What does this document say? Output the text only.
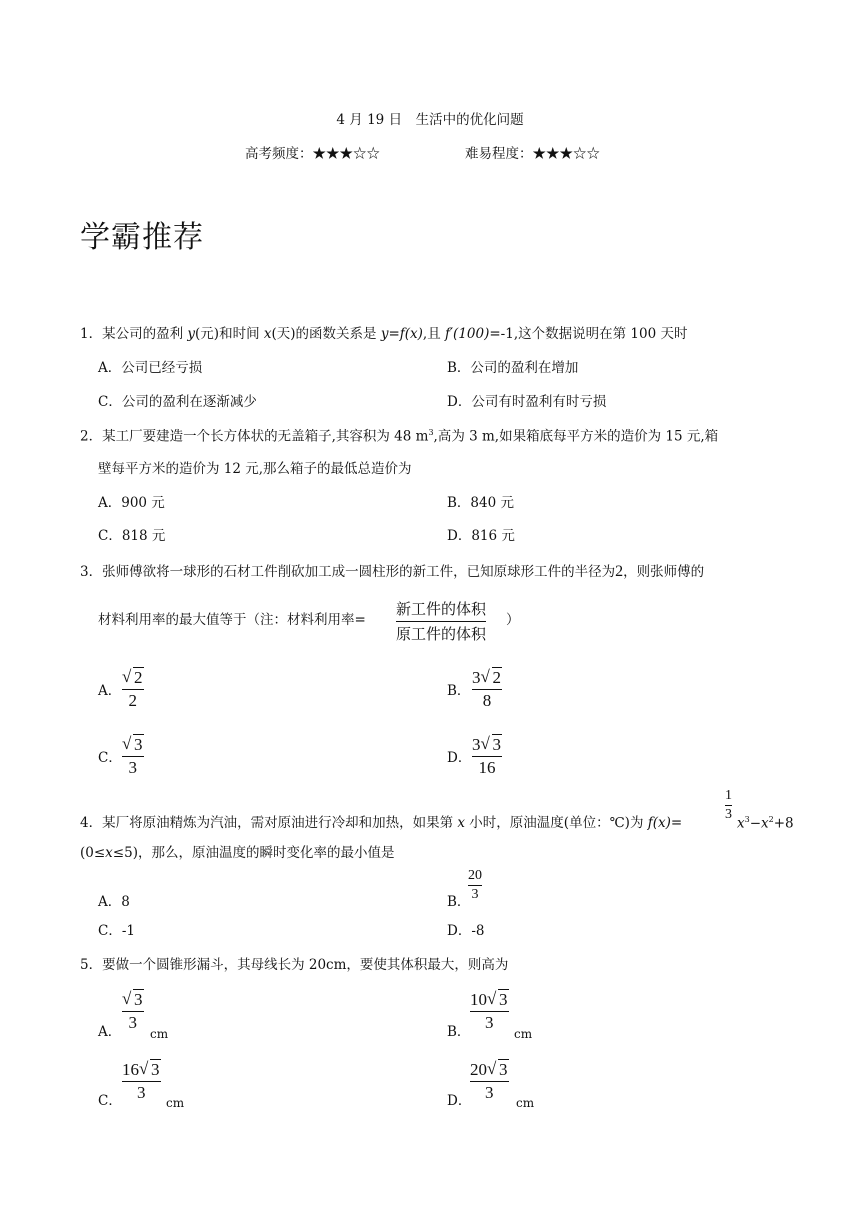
4 月 19 日　生活中的优化问题
高考频度：★★★☆☆	难易程度：★★★☆☆
学霸推荐
1．某公司的盈利 y(元)和时间 x(天)的函数关系是 y=f(x),且 f′(100)=-1,这个数据说明在第 100 天时
A．公司已经亏损	B．公司的盈利在增加
C．公司的盈利在逐渐减少	D．公司有时盈利有时亏损
2．某工厂要建造一个长方体状的无盖箱子,其容积为 48 $m^3$,高为 3 m,如果箱底每平方米的造价为 15 元,箱
壁每平方米的造价为 12 元,那么箱子的最低总造价为
A．900 元	B．840 元
C．818 元	D．816 元
3．张师傅欲将一球形的石材工件削砍加工成一圆柱形的新工件，已知原球形工件的半径为2，则张师傅的
材料利用率的最大值等于（注：材料利用率=
新工件的体积
原工件的体积
）
A．
√ 2
2	B．
3 √ 2
8
C．
√ 3
3	D．
3 √ 3
16
4．某厂将原油精炼为汽油，需对原油进行冷却和加热，如果第 x 小时，原油温度(单位：℃)为 f(x)=
1
3
$x^3-x^2+8$
(0≤x≤5)，那么，原油温度的瞬时变化率的最小值是
A．8	B．
20
3
C．-1	D．-8
5．要做一个圆锥形漏斗，其母线长为 20cm，要使其体积最大，则高为
A．
√ 3
3
cm	B．
10 √ 3
3
cm
C．
16 √ 3
3
cm	D．
20 √ 3
3
cm
